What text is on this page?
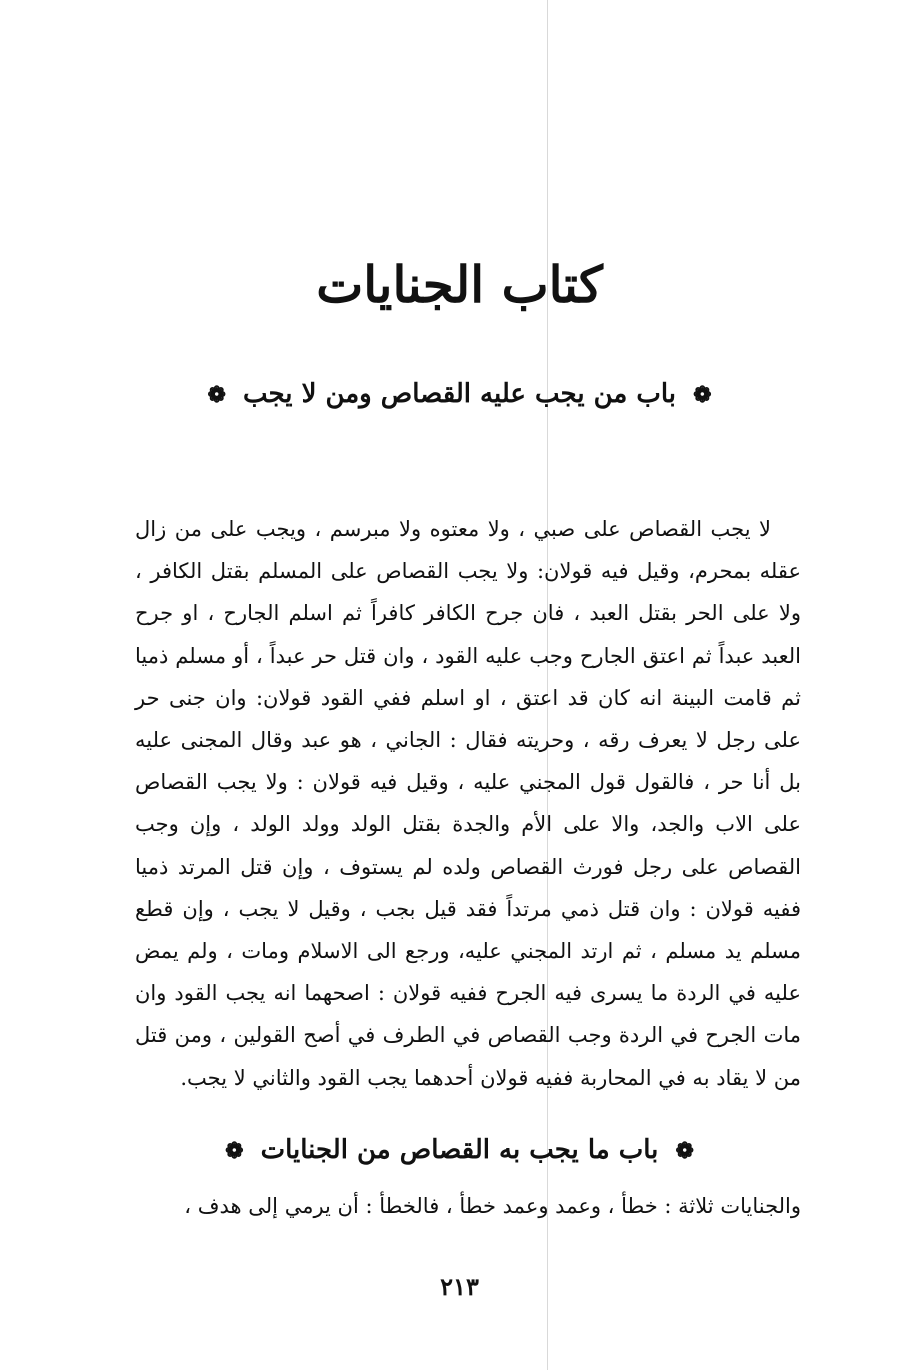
كتاب الجنايات
❁ باب من يجب عليه القصاص ومن لا يجب ❁

لا يجب القصاص على صبي ، ولا معتوه ولا مبرسم ، ويجب على من زال عقله بمحرم، وقيل فيه قولان: ولا يجب القصاص على المسلم بقتل الكافر ، ولا على الحر بقتل العبد ، فان جرح الكافر كافراً ثم اسلم الجارح ، او جرح العبد عبداً ثم اعتق الجارح وجب عليه القود ، وان قتل حر عبداً ، أو مسلم ذميا ثم قامت البينة انه كان قد اعتق ، او اسلم ففي القود قولان: وان جنى حر على رجل لا يعرف رقه ، وحريته فقال : الجاني ، هو عبد وقال المجنى عليه بل أنا حر ، فالقول قول المجني عليه ، وقيل فيه قولان : ولا يجب القصاص على الاب والجد، والا على الأم والجدة بقتل الولد وولد الولد ، وإن وجب القصاص على رجل فورث القصاص ولده لم يستوف ، وإن قتل المرتد ذميا ففيه قولان : وان قتل ذمي مرتداً فقد قيل بجب ، وقيل لا يجب ، وإن قطع مسلم يد مسلم ، ثم ارتد المجني عليه، ورجع الى الاسلام ومات ، ولم يمض عليه في الردة ما يسرى فيه الجرح ففيه قولان : اصحهما انه يجب القود وان مات الجرح في الردة وجب القصاص في الطرف في أصح القولين ، ومن قتل من لا يقاد به في المحاربة ففيه قولان أحدهما يجب القود والثاني لا يجب.

❁ باب ما يجب به القصاص من الجنايات ❁
والجنايات ثلاثة : خطأ ، وعمد وعمد خطأ ، فالخطأ : أن يرمي إلى هدف ،
٢١٣
